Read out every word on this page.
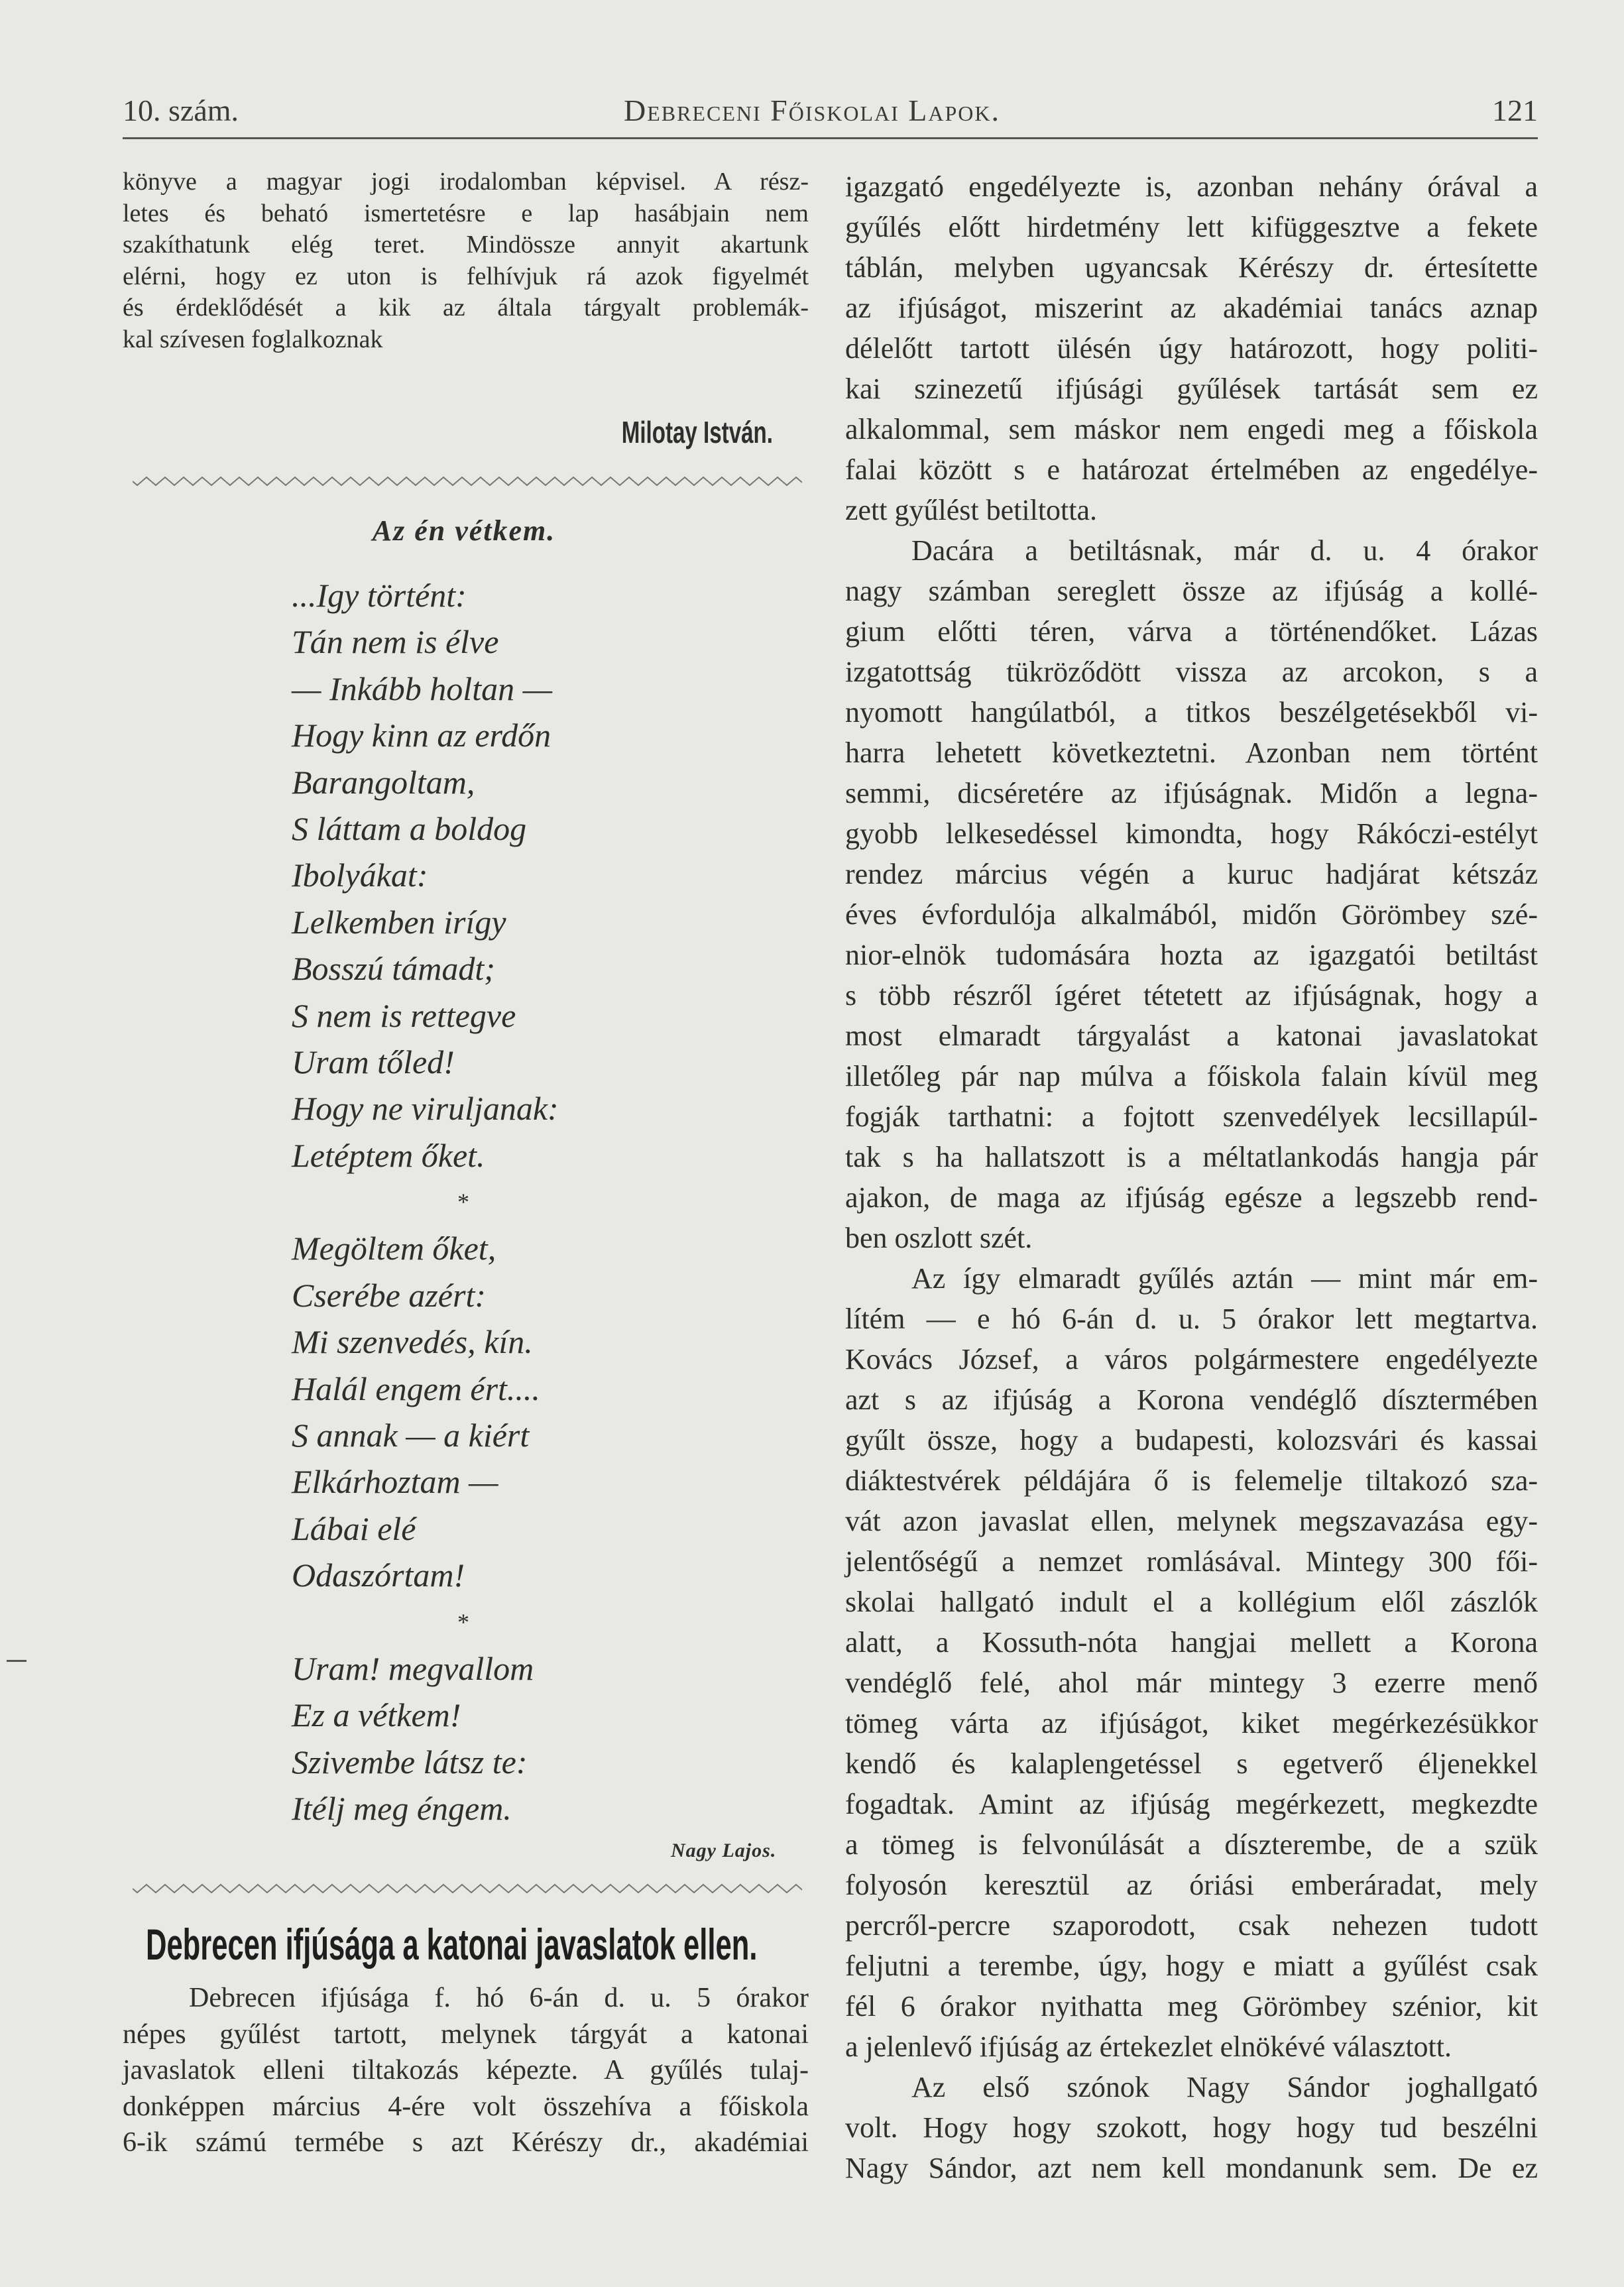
10. szám.	Debreceni Főiskolai Lapok.	121
könyve a magyar jogi irodalomban képvisel. A rész-
letes és beható ismertetésre e lap hasábjain nem
szakíthatunk elég teret. Mindössze annyit akartunk
elérni, hogy ez uton is felhívjuk rá azok figyelmét
és érdeklődését a kik az általa tárgyalt problemák-
kal szívesen foglalkoznak
Milotay István.
Az én vétkem.
...Igy történt:
Tán nem is élve
— Inkább holtan —
Hogy kinn az erdőn
Barangoltam,
S láttam a boldog
Ibolyákat:
Lelkemben irígy
Bosszú támadt;
S nem is rettegve
Uram tőled!
Hogy ne viruljanak:
Letéptem őket.
*
Megöltem őket,
Cserébe azért:
Mi szenvedés, kín.
Halál engem ért....
S annak — a kiért
Elkárhoztam —
Lábai elé
Odaszórtam!
*
Uram! megvallom
Ez a vétkem!
Szivembe látsz te:
Itélj meg éngem.
Nagy Lajos.
Debrecen ifjúsága a katonai javaslatok ellen.
Debrecen ifjúsága f. hó 6-án d. u. 5 órakor
népes gyűlést tartott, melynek tárgyát a katonai
javaslatok elleni tiltakozás képezte. A gyűlés tulaj-
donképpen március 4-ére volt összehíva a főiskola
6-ik számú termébe s azt Kérészy dr., akadémiai
igazgató engedélyezte is, azonban nehány órával a
gyűlés előtt hirdetmény lett kifüggesztve a fekete
táblán, melyben ugyancsak Kérészy dr. értesítette
az ifjúságot, miszerint az akadémiai tanács aznap
délelőtt tartott ülésén úgy határozott, hogy politi-
kai szinezetű ifjúsági gyűlések tartását sem ez
alkalommal, sem máskor nem engedi meg a főiskola
falai között s e határozat értelmében az engedélye-
zett gyűlést betiltotta.
Dacára a betiltásnak, már d. u. 4 órakor
nagy számban sereglett össze az ifjúság a kollé-
gium előtti téren, várva a történendőket. Lázas
izgatottság tükröződött vissza az arcokon, s a
nyomott hangúlatból, a titkos beszélgetésekből vi-
harra lehetett következtetni. Azonban nem történt
semmi, dicséretére az ifjúságnak. Midőn a legna-
gyobb lelkesedéssel kimondta, hogy Rákóczi-estélyt
rendez március végén a kuruc hadjárat kétszáz
éves évfordulója alkalmából, midőn Görömbey szé-
nior-elnök tudomására hozta az igazgatói betiltást
s több részről ígéret tétetett az ifjúságnak, hogy a
most elmaradt tárgyalást a katonai javaslatokat
illetőleg pár nap múlva a főiskola falain kívül meg
fogják tarthatni: a fojtott szenvedélyek lecsillapúl-
tak s ha hallatszott is a méltatlankodás hangja pár
ajakon, de maga az ifjúság egésze a legszebb rend-
ben oszlott szét.
Az így elmaradt gyűlés aztán — mint már em-
lítém — e hó 6-án d. u. 5 órakor lett megtartva.
Kovács József, a város polgármestere engedélyezte
azt s az ifjúság a Korona vendéglő dísztermében
gyűlt össze, hogy a budapesti, kolozsvári és kassai
diáktestvérek példájára ő is felemelje tiltakozó sza-
vát azon javaslat ellen, melynek megszavazása egy-
jelentőségű a nemzet romlásával. Mintegy 300 fői-
skolai hallgató indult el a kollégium elől zászlók
alatt, a Kossuth-nóta hangjai mellett a Korona
vendéglő felé, ahol már mintegy 3 ezerre menő
tömeg várta az ifjúságot, kiket megérkezésükkor
kendő és kalaplengetéssel s egetverő éljenekkel
fogadtak. Amint az ifjúság megérkezett, megkezdte
a tömeg is felvonúlását a díszterembe, de a szük
folyosón keresztül az óriási emberáradat, mely
percről-percre szaporodott, csak nehezen tudott
feljutni a terembe, úgy, hogy e miatt a gyűlést csak
fél 6 órakor nyithatta meg Görömbey szénior, kit
a jelenlevő ifjúság az értekezlet elnökévé választott.
Az első szónok Nagy Sándor joghallgató
volt. Hogy hogy szokott, hogy hogy tud beszélni
Nagy Sándor, azt nem kell mondanunk sem. De ez
